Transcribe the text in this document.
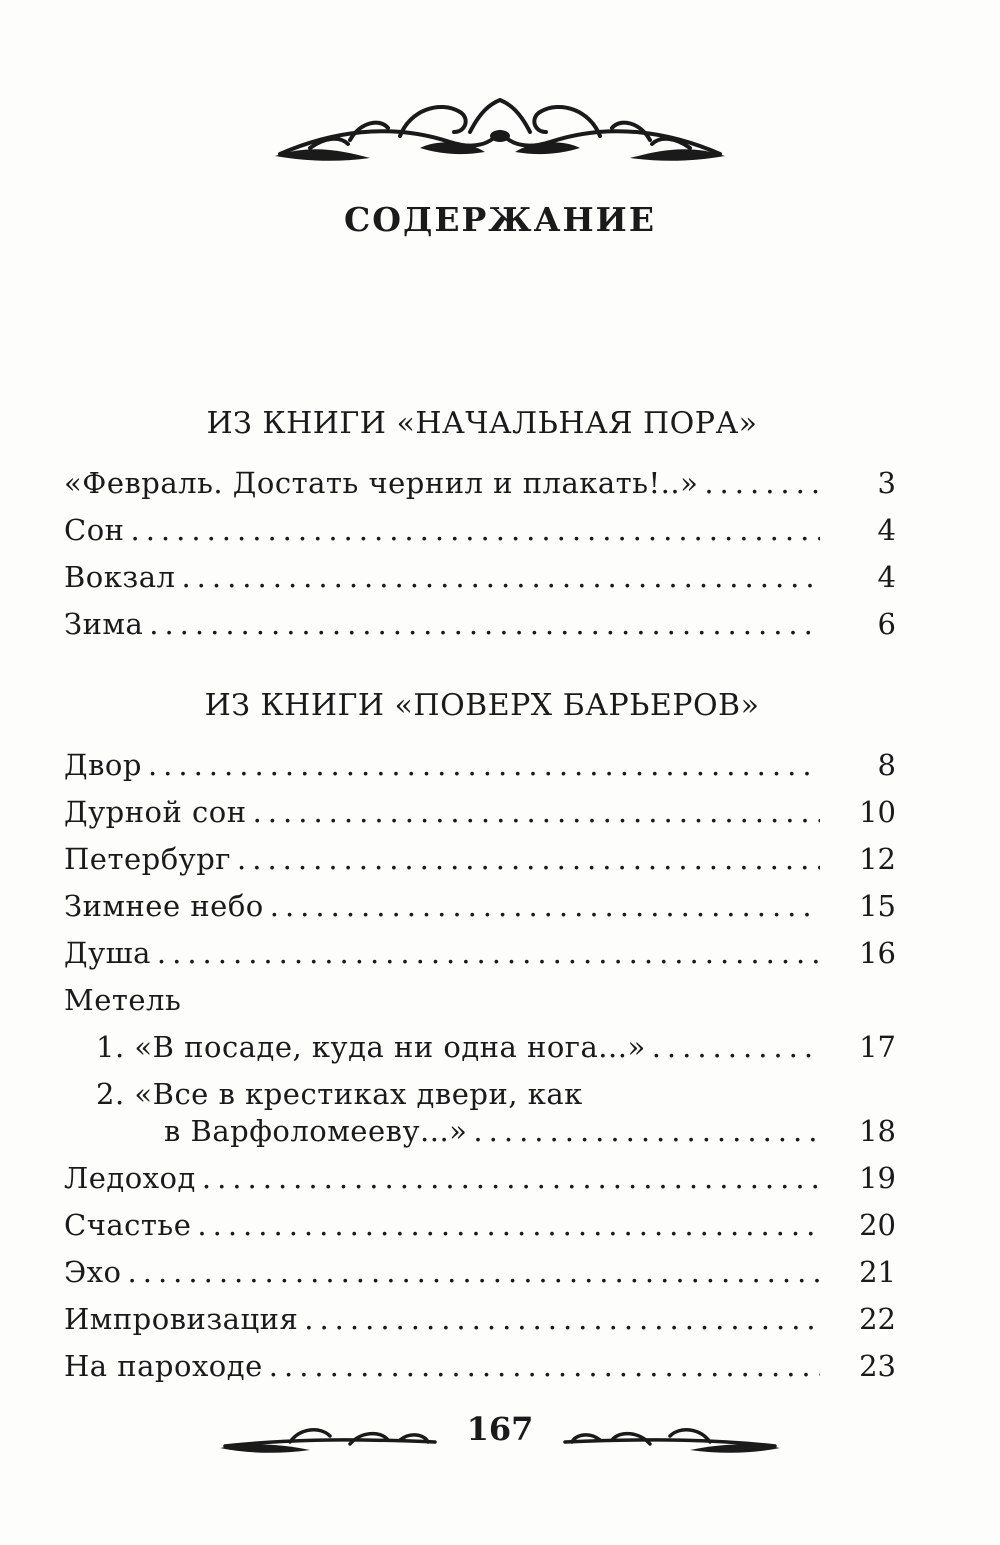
СОДЕРЖАНИЕ
ИЗ КНИГИ «НАЧАЛЬНАЯ ПОРА»
«Февраль. Достать чернил и плакать!..» .....	3
Сон .....	4
Вокзал .....	4
Зима .....	6
ИЗ КНИГИ «ПОВЕРХ БАРЬЕРОВ»
Двор .....	8
Дурной сон .....	10
Петербург .....	12
Зимнее небо .....	15
Душа .....	16
Метель
1. «В посаде, куда ни одна нога...» .....	17
2. «Все в крестиках двери, как
в Варфоломееву...» .....	18
Ледоход .....	19
Счастье .....	20
Эхо .....	21
Импровизация .....	22
На пароходе .....	23
167
